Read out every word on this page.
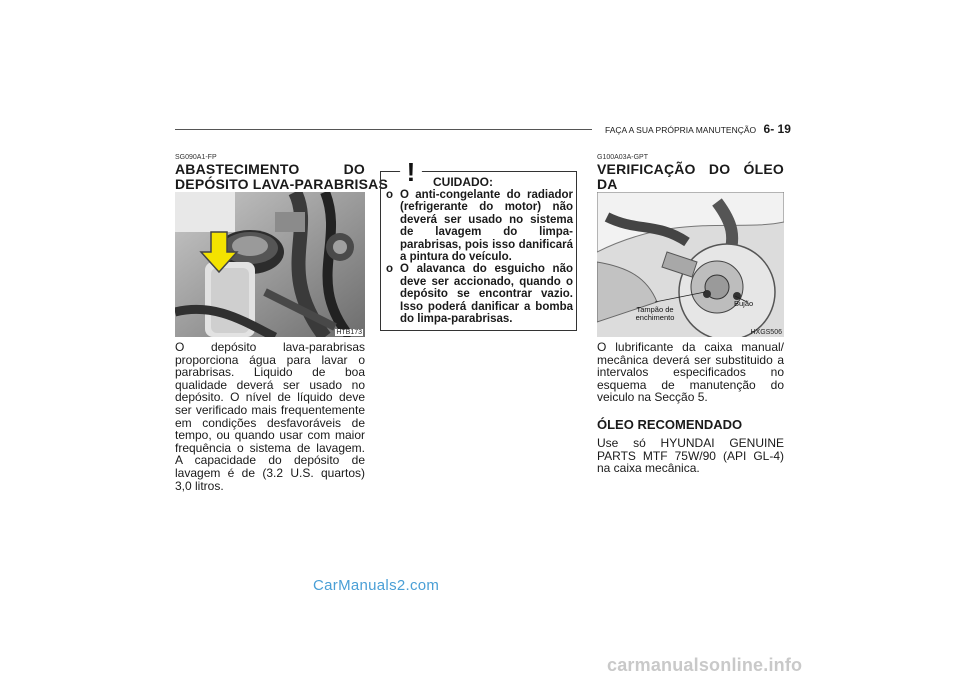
FAÇA A SUA PRÓPRIA MANUTENÇÃO 6- 19
SG090A1-FP
ABASTECIMENTO DO
DEPÓSITO LAVA-PARABRISAS
HTB173
O depósito lava-parabrisas proporciona água para lavar o parabrisas. Liquido de boa qualidade deverá ser usado no depósito. O nível de líquido deve ser verificado mais frequentemente em condições desfavoráveis de tempo, ou quando usar com maior frequência o sistema de lavagem. A capacidade do depósito de lavagem é de (3.2 U.S. quartos) 3,0 litros.
! CUIDADO:
o O anti-congelante do radiador (refrigerante do motor) não deverá ser usado no sistema de lavagem do limpa-parabrisas, pois isso danificará a pintura do veículo.
o O alavanca do esguicho não deve ser accionado, quando o depósito se encontrar vazio. Isso poderá danificar a bomba do limpa-parabrisas.
G100A03A-GPT
VERIFICAÇÃO DO ÓLEO DA
Bujão
Tampão de enchimento
HXGS506
O lubrificante da caixa manual/ mecânica deverá ser substituido a intervalos especificados no esquema de manutenção do veiculo na Secção 5.
ÓLEO RECOMENDADO
Use só HYUNDAI GENUINE PARTS MTF 75W/90 (API GL-4) na caixa mecânica.
CarManuals2.com
carmanualsonline.info
